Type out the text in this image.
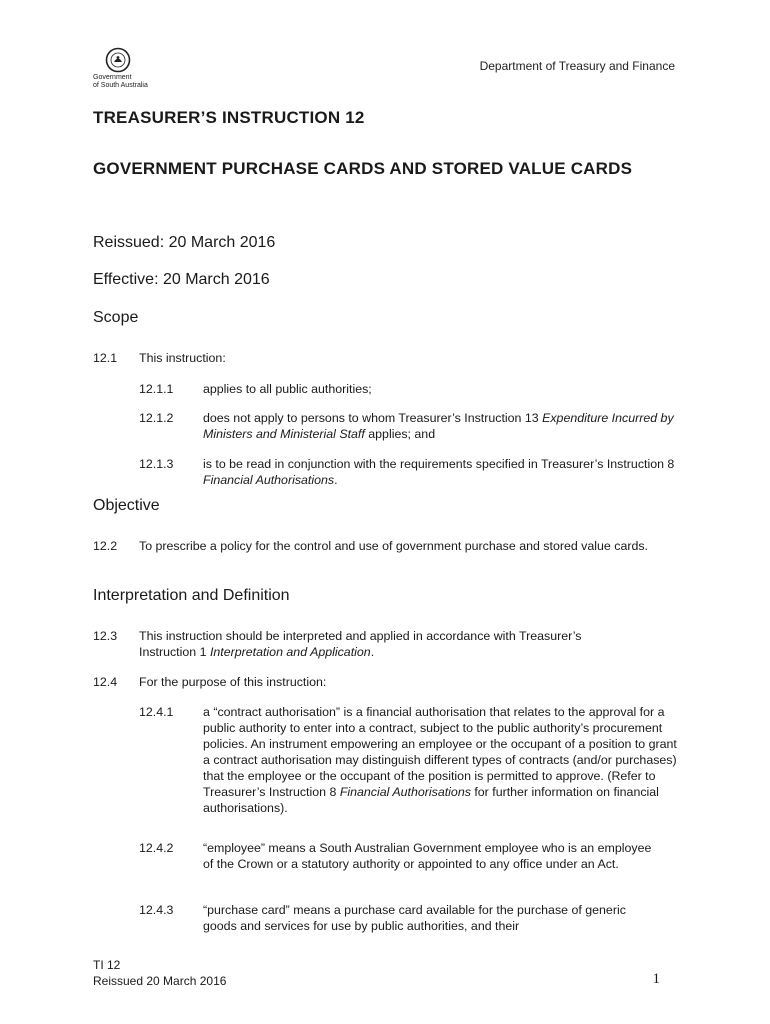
Government
of South Australia
Department of Treasury and Finance
TREASURER’S INSTRUCTION 12
GOVERNMENT PURCHASE CARDS AND STORED VALUE CARDS

Reissued: 20 March 2016

Effective: 20 March 2016

Scope
12.1 This instruction:
12.1.1 applies to all public authorities;
12.1.2 does not apply to persons to whom Treasurer’s Instruction 13 Expenditure Incurred by Ministers and Ministerial Staff applies; and
12.1.3 is to be read in conjunction with the requirements specified in Treasurer’s Instruction 8 Financial Authorisations.
Objective
12.2 To prescribe a policy for the control and use of government purchase and stored value cards.
Interpretation and Definition
12.3 This instruction should be interpreted and applied in accordance with Treasurer’s Instruction 1 Interpretation and Application.
12.4 For the purpose of this instruction:
12.4.1 a “contract authorisation” is a financial authorisation that relates to the approval for a public authority to enter into a contract, subject to the public authority’s procurement policies. An instrument empowering an employee or the occupant of a position to grant a contract authorisation may distinguish different types of contracts (and/or purchases) that the employee or the occupant of the position is permitted to approve. (Refer to Treasurer’s Instruction 8 Financial Authorisations for further information on financial authorisations).
12.4.2 “employee” means a South Australian Government employee who is an employee of the Crown or a statutory authority or appointed to any office under an Act.
12.4.3 “purchase card” means a purchase card available for the purchase of generic goods and services for use by public authorities, and their
TI 12
Reissued 20 March 2016	1
